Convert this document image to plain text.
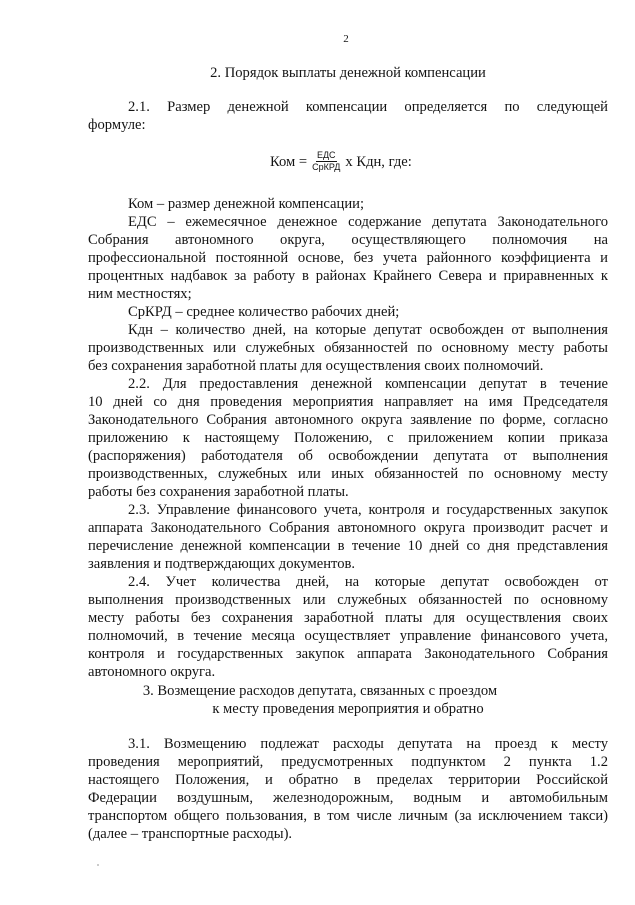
2
2. Порядок выплаты денежной компенсации
2.1. Размер денежной компенсации определяется по следующей
формуле:
Ком = $\frac{\text{ЕДС}}{\text{СрКРД}}$ х Кдн, где:
Ком – размер денежной компенсации;
ЕДС – ежемесячное денежное содержание депутата Законодательного
Собрания автономного округа, осуществляющего полномочия на
профессиональной постоянной основе, без учета районного коэффициента и
процентных надбавок за работу в районах Крайнего Севера и приравненных к
ним местностях;
СрКРД – среднее количество рабочих дней;
Кдн – количество дней, на которые депутат освобожден от выполнения
производственных или служебных обязанностей по основному месту работы
без сохранения заработной платы для осуществления своих полномочий.
2.2. Для предоставления денежной компенсации депутат в течение
10 дней со дня проведения мероприятия направляет на имя Председателя
Законодательного Собрания автономного округа заявление по форме, согласно
приложению к настоящему Положению, с приложением копии приказа
(распоряжения) работодателя об освобождении депутата от выполнения
производственных, служебных или иных обязанностей по основному месту
работы без сохранения заработной платы.
2.3. Управление финансового учета, контроля и государственных закупок
аппарата Законодательного Собрания автономного округа производит расчет и
перечисление денежной компенсации в течение 10 дней со дня представления
заявления и подтверждающих документов.
2.4. Учет количества дней, на которые депутат освобожден от
выполнения производственных или служебных обязанностей по основному
месту работы без сохранения заработной платы для осуществления своих
полномочий, в течение месяца осуществляет управление финансового учета,
контроля и государственных закупок аппарата Законодательного Собрания
автономного округа.
3. Возмещение расходов депутата, связанных с проездом
к месту проведения мероприятия и обратно
3.1. Возмещению подлежат расходы депутата на проезд к месту
проведения мероприятий, предусмотренных подпунктом 2 пункта 1.2
настоящего Положения, и обратно в пределах территории Российской
Федерации воздушным, железнодорожным, водным и автомобильным
транспортом общего пользования, в том числе личным (за исключением такси)
(далее – транспортные расходы).
